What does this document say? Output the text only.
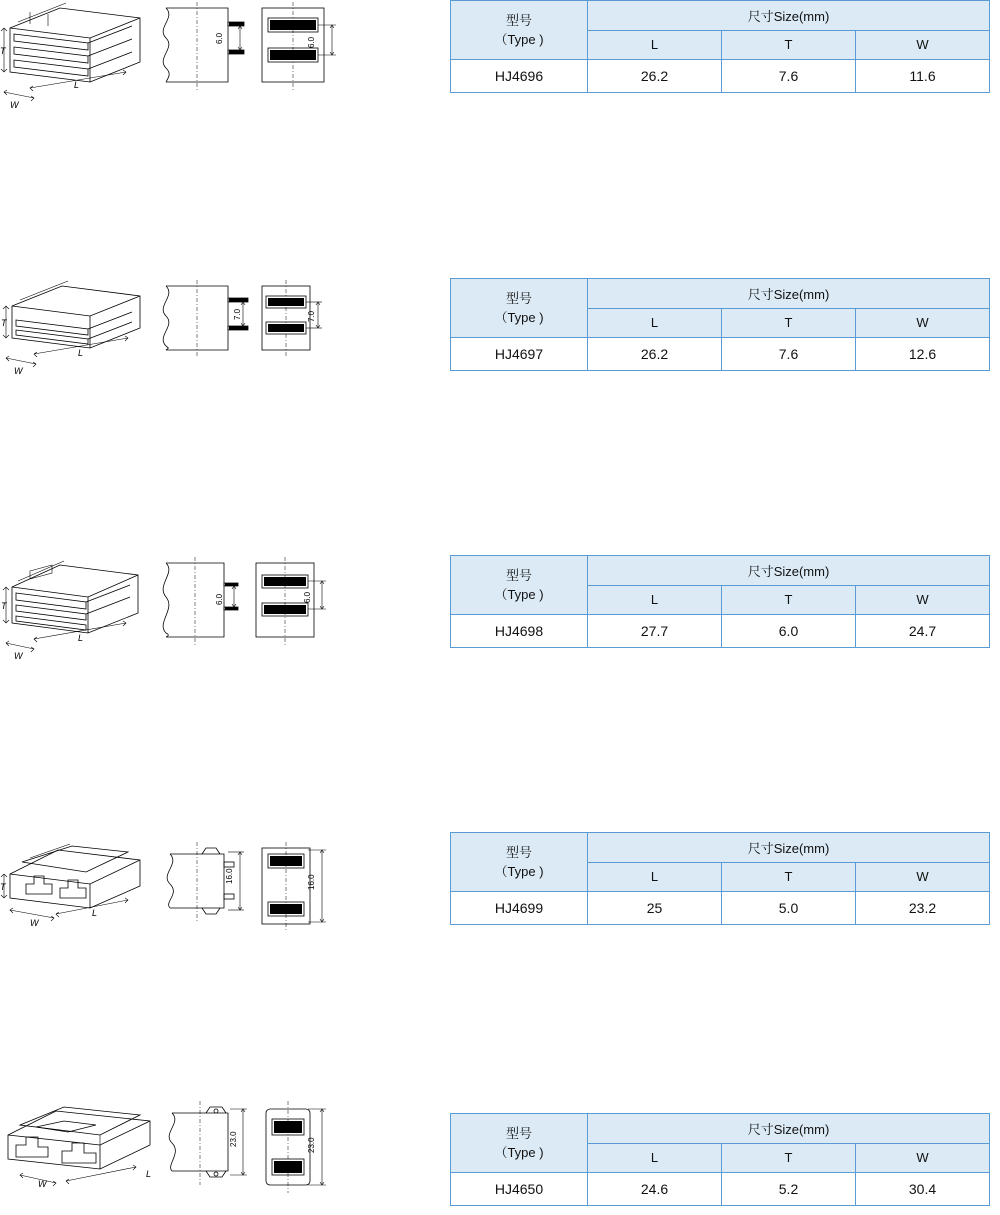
T
L
W
6.0	6.0
型号
（Type )	尺寸Size(mm)		
	L	T	W
HJ4696	26.2	7.6	11.6
T
L
W
7.0	7.0
型号
（Type )	尺寸Size(mm)		
	L	T	W
HJ4697	26.2	7.6	12.6
T
L
W
6.0	6.0
型号
（Type )	尺寸Size(mm)		
	L	T	W
HJ4698	27.7	6.0	24.7
T
L
W
16.0	16.0
型号
（Type )	尺寸Size(mm)		
	L	T	W
HJ4699	25	5.0	23.2
W
L
23.0	23.0
型号
（Type )	尺寸Size(mm)		
	L	T	W
HJ4650	24.6	5.2	30.4
